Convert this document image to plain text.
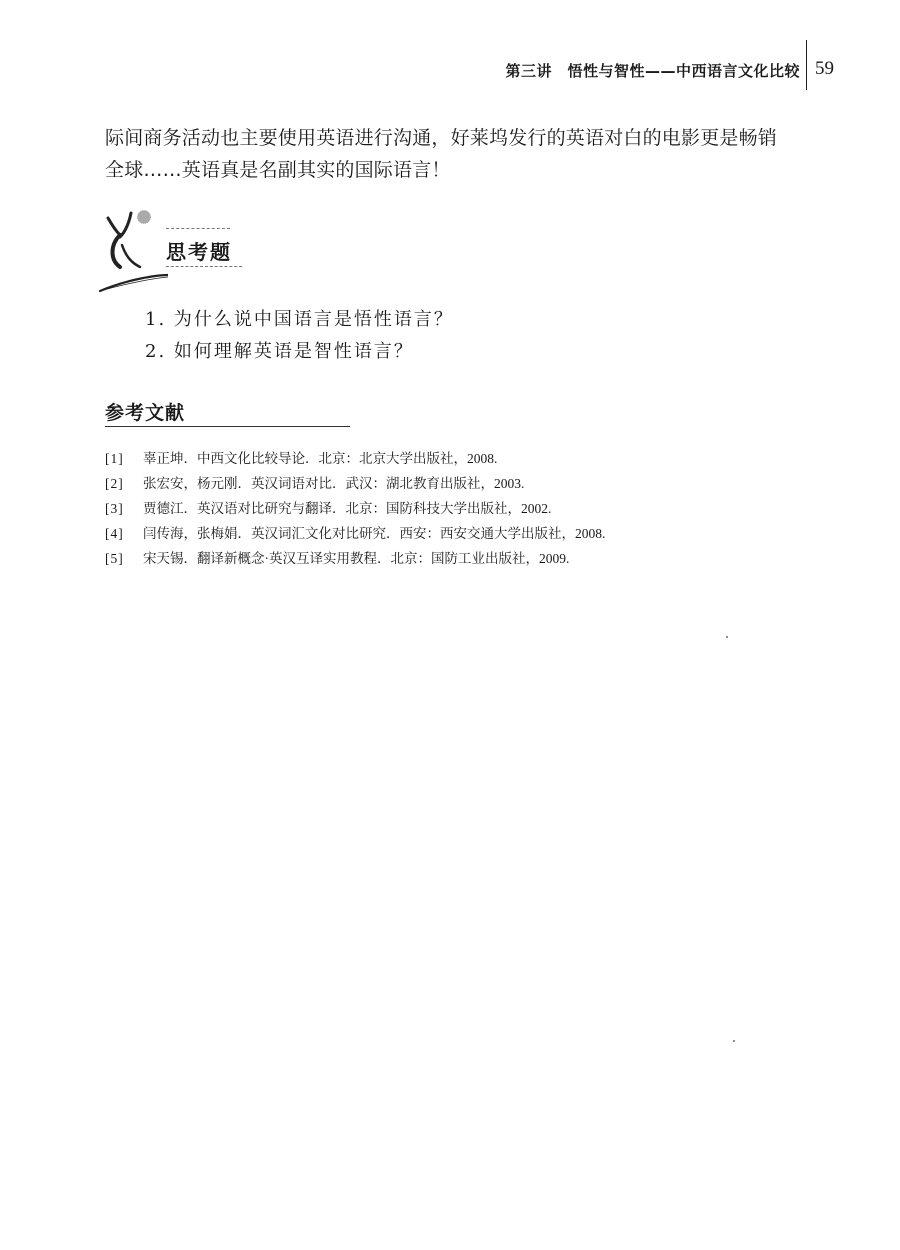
第三讲　悟性与智性——中西语言文化比较 59

际间商务活动也主要使用英语进行沟通，好莱坞发行的英语对白的电影更是畅销

全球……英语真是名副其实的国际语言！

思考题
1. 为什么说中国语言是悟性语言？
2. 如何理解英语是智性语言？
参考文献
[1] 辜正坤．中西文化比较导论．北京：北京大学出版社，2008.
[2] 张宏安，杨元刚．英汉词语对比．武汉：湖北教育出版社，2003.
[3] 贾德江．英汉语对比研究与翻译．北京：国防科技大学出版社，2002.
[4] 闫传海，张梅娟．英汉词汇文化对比研究．西安：西安交通大学出版社，2008.
[5] 宋天锡．翻译新概念·英汉互译实用教程．北京：国防工业出版社，2009.
